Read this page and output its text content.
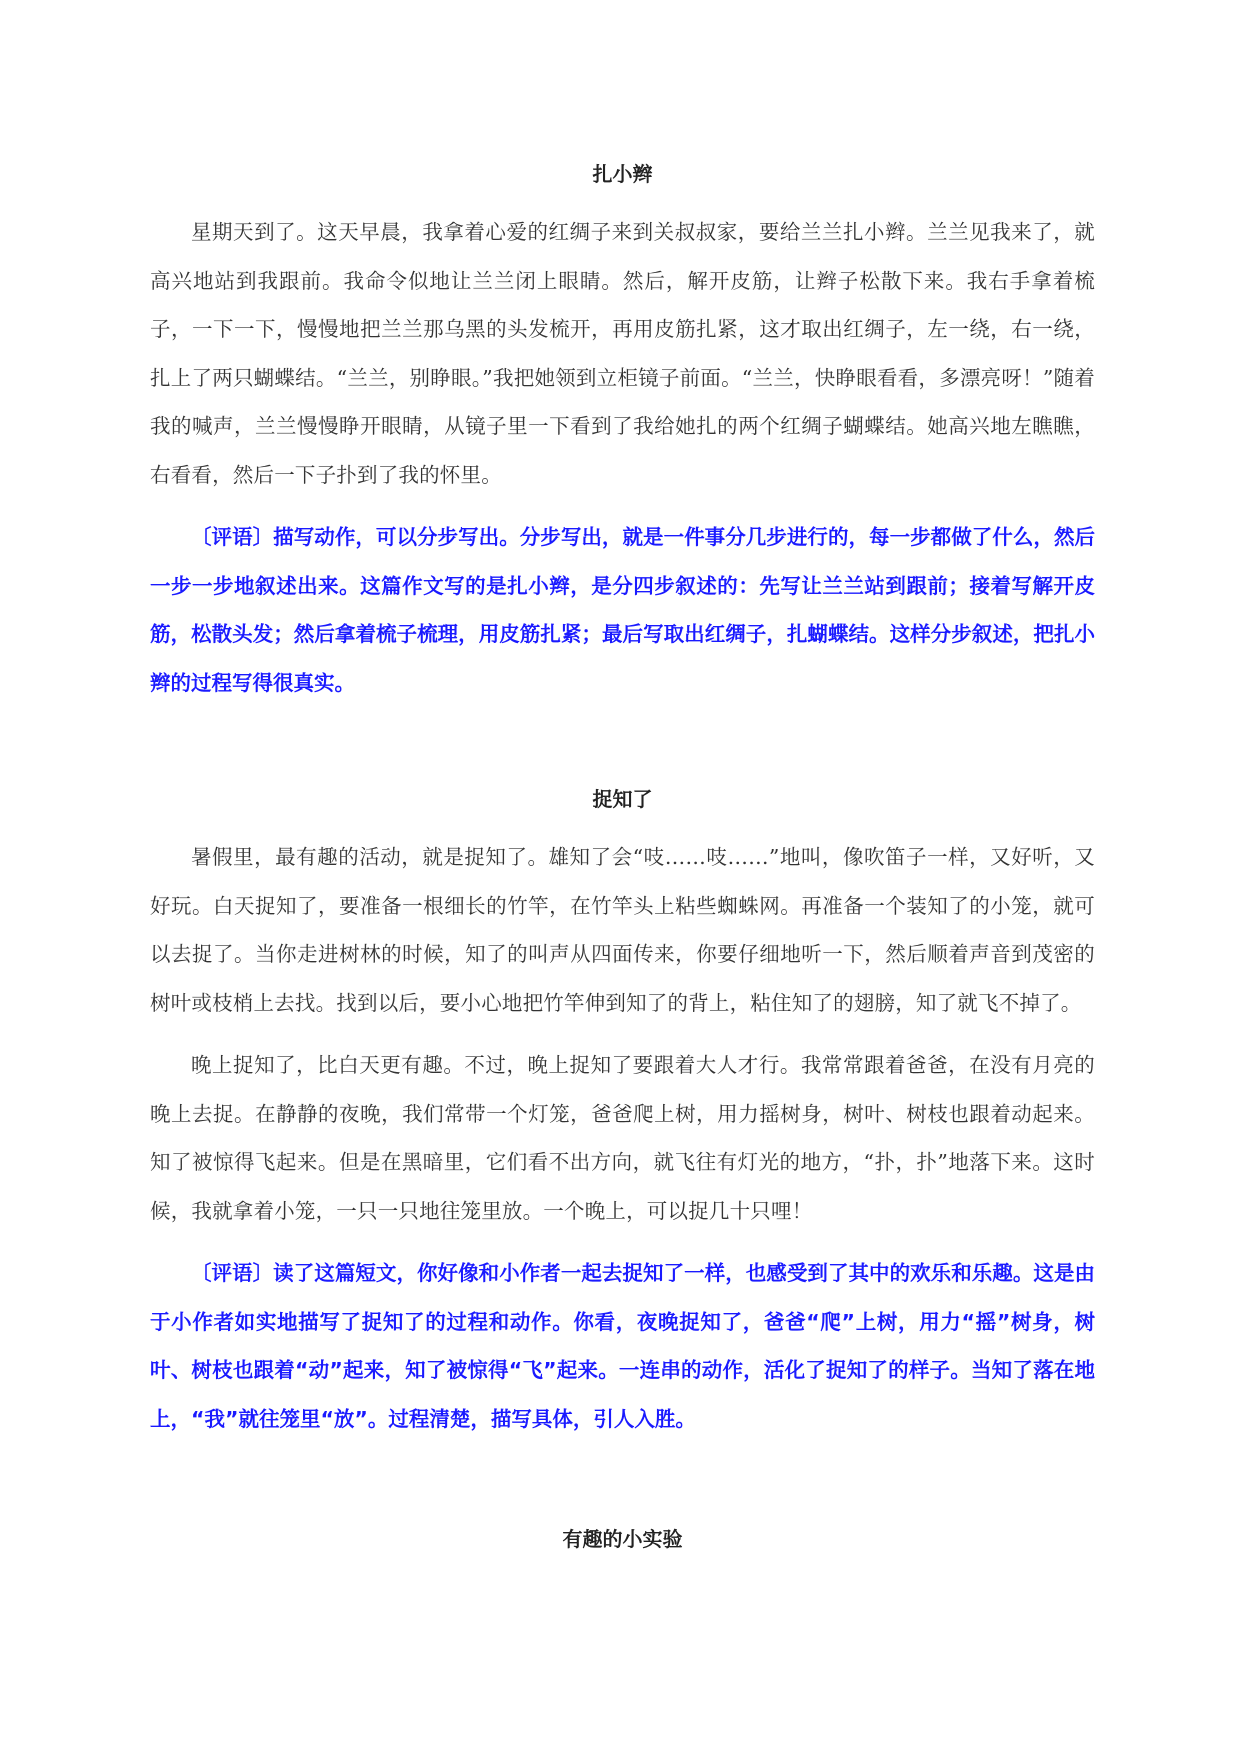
扎小辫

星期天到了。这天早晨，我拿着心爱的红绸子来到关叔叔家，要给兰兰扎小辫。兰兰见我来了，就高兴地站到我跟前。我命令似地让兰兰闭上眼睛。然后，解开皮筋，让辫子松散下来。我右手拿着梳子，一下一下，慢慢地把兰兰那乌黑的头发梳开，再用皮筋扎紧，这才取出红绸子，左一绕，右一绕，扎上了两只蝴蝶结。“兰兰，别睁眼。”我把她领到立柜镜子前面。“兰兰，快睁眼看看，多漂亮呀！”随着我的喊声，兰兰慢慢睁开眼睛，从镜子里一下看到了我给她扎的两个红绸子蝴蝶结。她高兴地左瞧瞧，右看看，然后一下子扑到了我的怀里。

〔评语〕描写动作，可以分步写出。分步写出，就是一件事分几步进行的，每一步都做了什么，然后一步一步地叙述出来。这篇作文写的是扎小辫，是分四步叙述的：先写让兰兰站到跟前；接着写解开皮筋，松散头发；然后拿着梳子梳理，用皮筋扎紧；最后写取出红绸子，扎蝴蝶结。这样分步叙述，把扎小辫的过程写得很真实。

捉知了

暑假里，最有趣的活动，就是捉知了。雄知了会“吱……吱……”地叫，像吹笛子一样，又好听，又好玩。白天捉知了，要准备一根细长的竹竿，在竹竿头上粘些蜘蛛网。再准备一个装知了的小笼，就可以去捉了。当你走进树林的时候，知了的叫声从四面传来，你要仔细地听一下，然后顺着声音到茂密的树叶或枝梢上去找。找到以后，要小心地把竹竿伸到知了的背上，粘住知了的翅膀，知了就飞不掉了。

晚上捉知了，比白天更有趣。不过，晚上捉知了要跟着大人才行。我常常跟着爸爸，在没有月亮的晚上去捉。在静静的夜晚，我们常带一个灯笼，爸爸爬上树，用力摇树身，树叶、树枝也跟着动起来。知了被惊得飞起来。但是在黑暗里，它们看不出方向，就飞往有灯光的地方，“扑，扑”地落下来。这时候，我就拿着小笼，一只一只地往笼里放。一个晚上，可以捉几十只哩！

〔评语〕读了这篇短文，你好像和小作者一起去捉知了一样，也感受到了其中的欢乐和乐趣。这是由于小作者如实地描写了捉知了的过程和动作。你看，夜晚捉知了，爸爸“爬”上树，用力“摇”树身，树叶、树枝也跟着“动”起来，知了被惊得“飞”起来。一连串的动作，活化了捉知了的样子。当知了落在地上，“我”就往笼里“放”。过程清楚，描写具体，引人入胜。

有趣的小实验
